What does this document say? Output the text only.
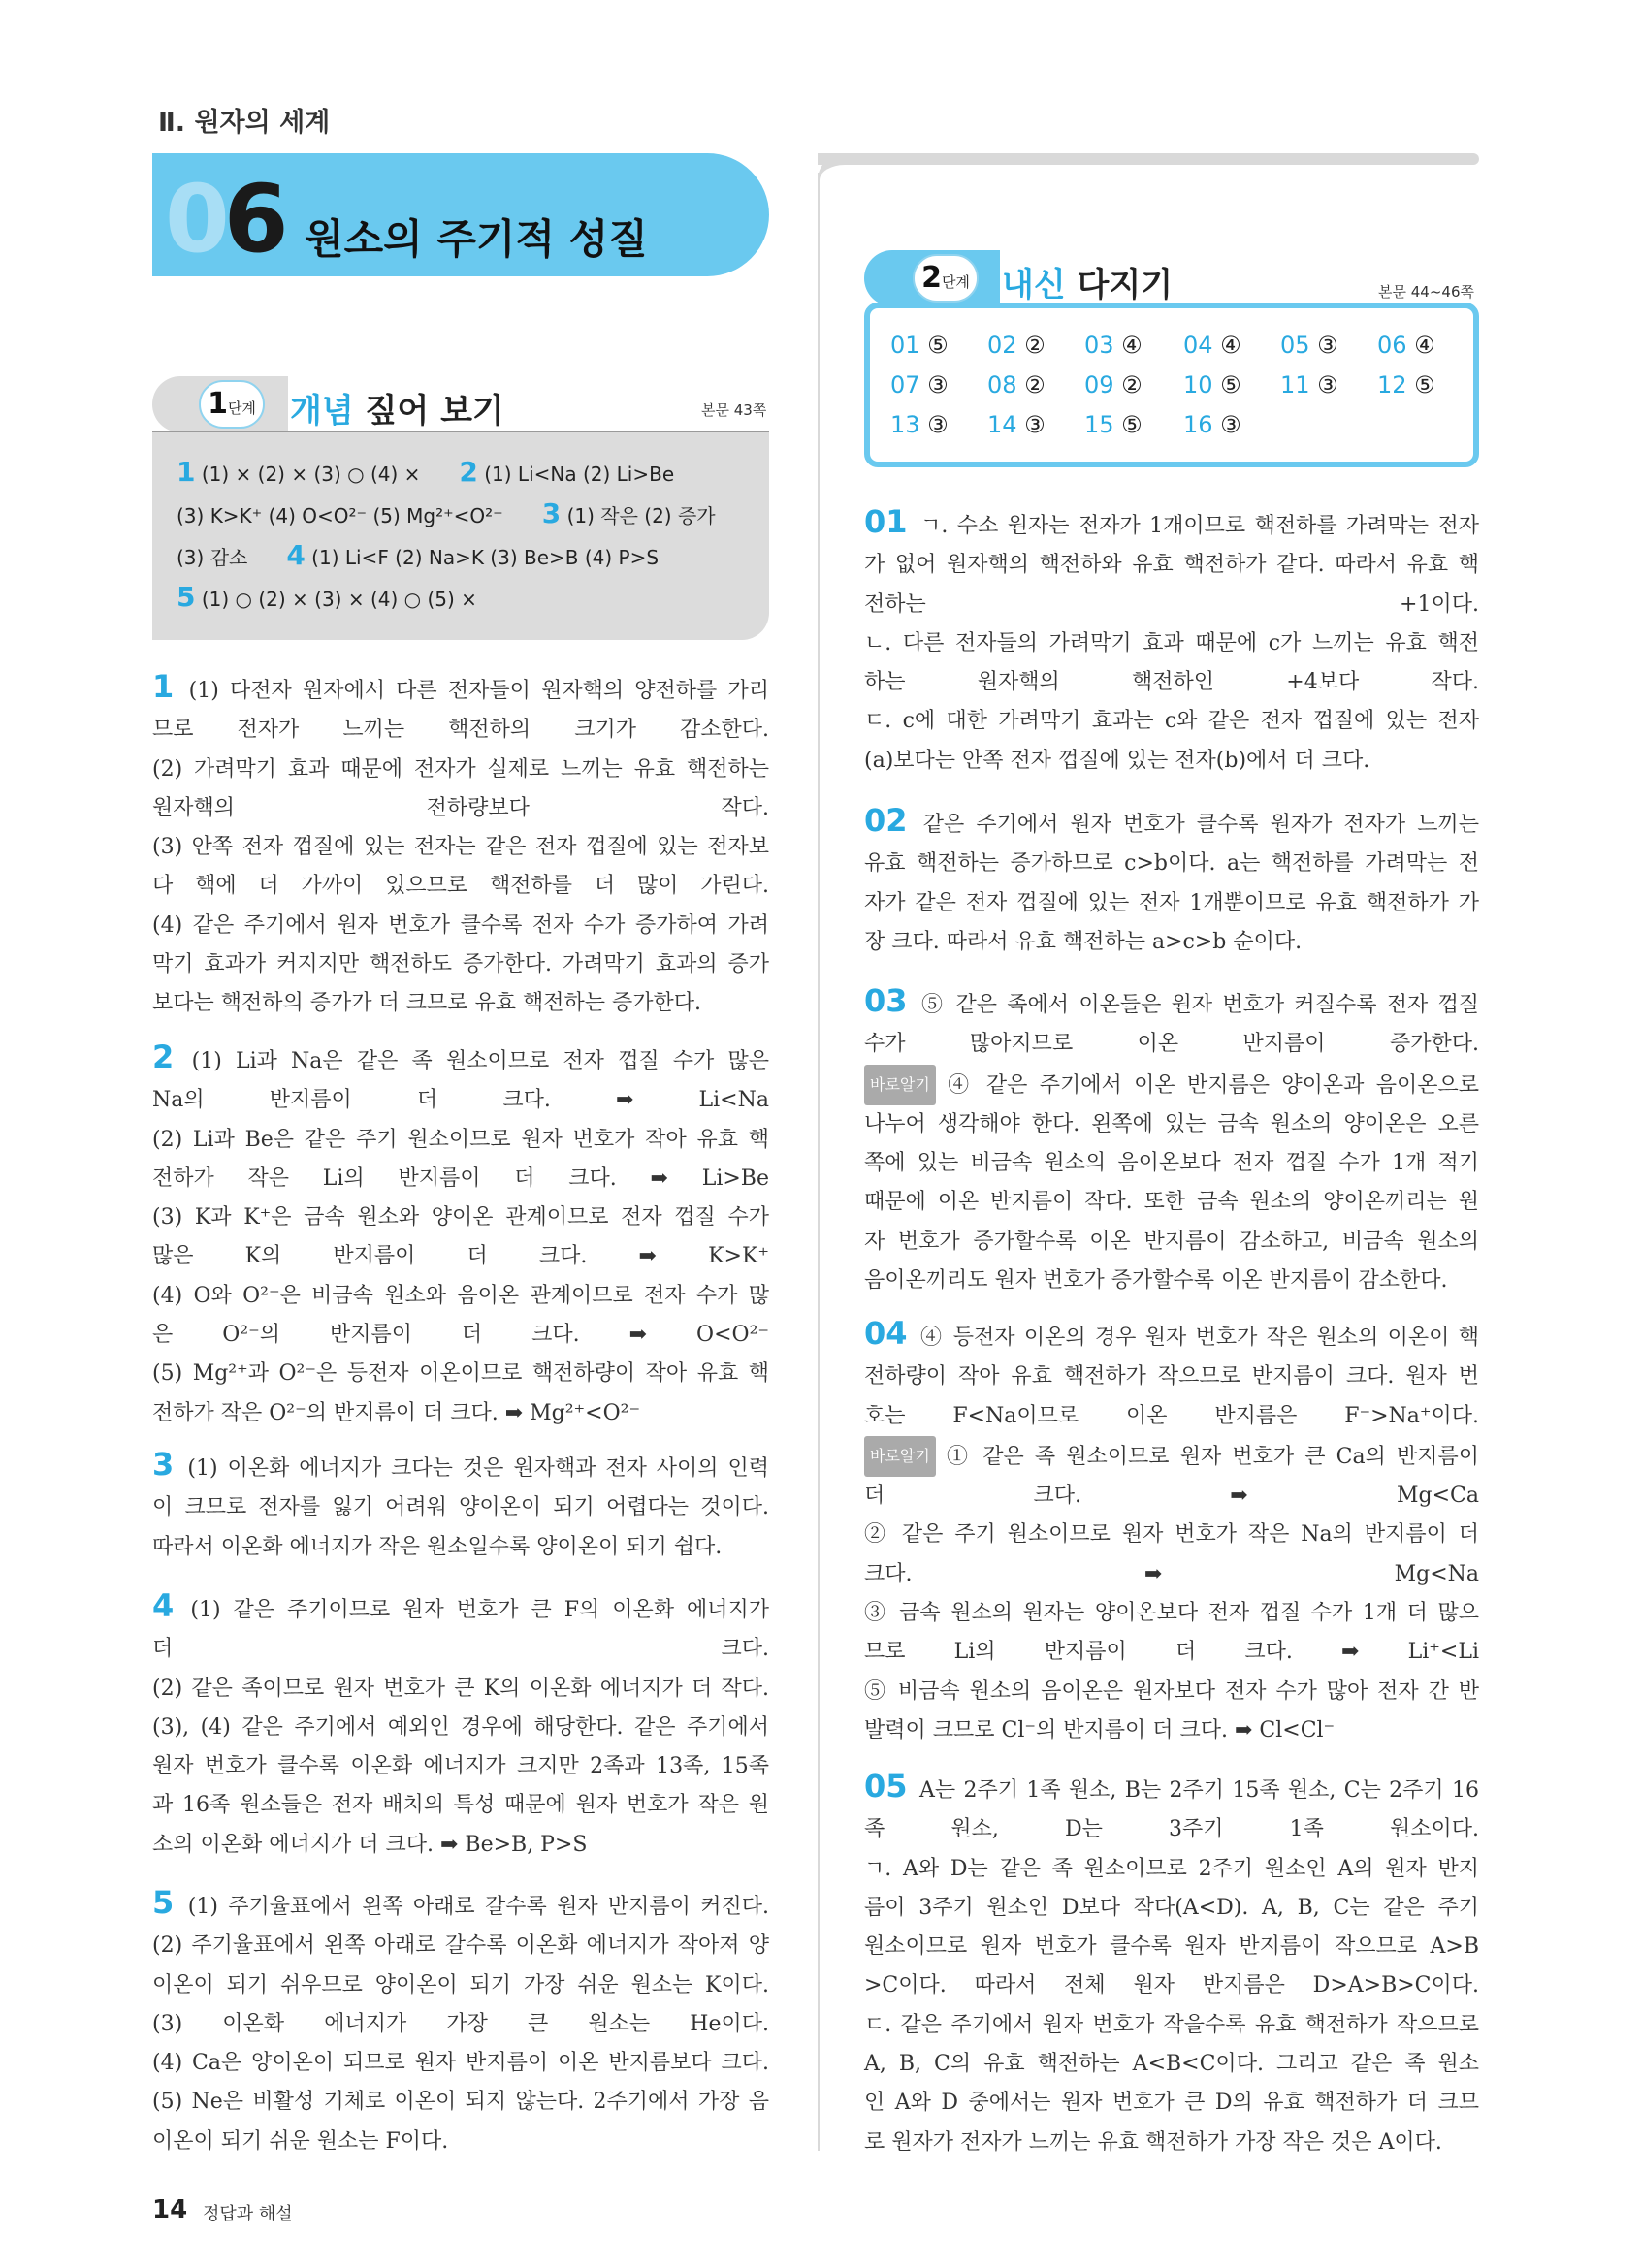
Ⅱ. 원자의 세계
06 원소의 주기적 성질
1단계 개념 짚어 보기	본문 43쪽
1 (1) × (2) × (3) ○ (4) × 2 (1) Li<Na (2) Li>Be
(3) K>K⁺ (4) O<O²⁻ (5) Mg²⁺<O²⁻ 3 (1) 작은 (2) 증가
(3) 감소 4 (1) Li<F (2) Na>K (3) Be>B (4) P>S
5 (1) ○ (2) × (3) × (4) ○ (5) ×
1 (1) 다전자 원자에서 다른 전자들이 원자핵의 양전하를 가리
므로 전자가 느끼는 핵전하의 크기가 감소한다.
(2) 가려막기 효과 때문에 전자가 실제로 느끼는 유효 핵전하는
원자핵의 전하량보다 작다.
(3) 안쪽 전자 껍질에 있는 전자는 같은 전자 껍질에 있는 전자보
다 핵에 더 가까이 있으므로 핵전하를 더 많이 가린다.
(4) 같은 주기에서 원자 번호가 클수록 전자 수가 증가하여 가려
막기 효과가 커지지만 핵전하도 증가한다. 가려막기 효과의 증가
보다는 핵전하의 증가가 더 크므로 유효 핵전하는 증가한다.
2 (1) Li과 Na은 같은 족 원소이므로 전자 껍질 수가 많은
Na의 반지름이 더 크다. ➡ Li<Na
(2) Li과 Be은 같은 주기 원소이므로 원자 번호가 작아 유효 핵
전하가 작은 Li의 반지름이 더 크다. ➡ Li>Be
(3) K과 K⁺은 금속 원소와 양이온 관계이므로 전자 껍질 수가
많은 K의 반지름이 더 크다. ➡ K>K⁺
(4) O와 O²⁻은 비금속 원소와 음이온 관계이므로 전자 수가 많
은 O²⁻의 반지름이 더 크다. ➡ O<O²⁻
(5) Mg²⁺과 O²⁻은 등전자 이온이므로 핵전하량이 작아 유효 핵
전하가 작은 O²⁻의 반지름이 더 크다. ➡ Mg²⁺<O²⁻
3 (1) 이온화 에너지가 크다는 것은 원자핵과 전자 사이의 인력
이 크므로 전자를 잃기 어려워 양이온이 되기 어렵다는 것이다.
따라서 이온화 에너지가 작은 원소일수록 양이온이 되기 쉽다.
4 (1) 같은 주기이므로 원자 번호가 큰 F의 이온화 에너지가
더 크다.
(2) 같은 족이므로 원자 번호가 큰 K의 이온화 에너지가 더 작다.
(3), (4) 같은 주기에서 예외인 경우에 해당한다. 같은 주기에서
원자 번호가 클수록 이온화 에너지가 크지만 2족과 13족, 15족
과 16족 원소들은 전자 배치의 특성 때문에 원자 번호가 작은 원
소의 이온화 에너지가 더 크다. ➡ Be>B, P>S
5 (1) 주기율표에서 왼쪽 아래로 갈수록 원자 반지름이 커진다.
(2) 주기율표에서 왼쪽 아래로 갈수록 이온화 에너지가 작아져 양
이온이 되기 쉬우므로 양이온이 되기 가장 쉬운 원소는 K이다.
(3) 이온화 에너지가 가장 큰 원소는 He이다.
(4) Ca은 양이온이 되므로 원자 반지름이 이온 반지름보다 크다.
(5) Ne은 비활성 기체로 이온이 되지 않는다. 2주기에서 가장 음
이온이 되기 쉬운 원소는 F이다.
2단계 내신 다지기	본문 44~46쪽
01 ⑤ 02 ② 03 ④ 04 ④ 05 ③ 06 ④
07 ③ 08 ② 09 ② 10 ⑤ 11 ③ 12 ⑤
13 ③ 14 ③ 15 ⑤ 16 ③
01 ㄱ. 수소 원자는 전자가 1개이므로 핵전하를 가려막는 전자
가 없어 원자핵의 핵전하와 유효 핵전하가 같다. 따라서 유효 핵
전하는 +1이다.
ㄴ. 다른 전자들의 가려막기 효과 때문에 c가 느끼는 유효 핵전
하는 원자핵의 핵전하인 +4보다 작다.
ㄷ. c에 대한 가려막기 효과는 c와 같은 전자 껍질에 있는 전자
(a)보다는 안쪽 전자 껍질에 있는 전자(b)에서 더 크다.
02 같은 주기에서 원자 번호가 클수록 원자가 전자가 느끼는
유효 핵전하는 증가하므로 c>b이다. a는 핵전하를 가려막는 전
자가 같은 전자 껍질에 있는 전자 1개뿐이므로 유효 핵전하가 가
장 크다. 따라서 유효 핵전하는 a>c>b 순이다.
03 ⑤ 같은 족에서 이온들은 원자 번호가 커질수록 전자 껍질
수가 많아지므로 이온 반지름이 증가한다.
바로알기 ④ 같은 주기에서 이온 반지름은 양이온과 음이온으로
나누어 생각해야 한다. 왼쪽에 있는 금속 원소의 양이온은 오른
쪽에 있는 비금속 원소의 음이온보다 전자 껍질 수가 1개 적기
때문에 이온 반지름이 작다. 또한 금속 원소의 양이온끼리는 원
자 번호가 증가할수록 이온 반지름이 감소하고, 비금속 원소의
음이온끼리도 원자 번호가 증가할수록 이온 반지름이 감소한다.
04 ④ 등전자 이온의 경우 원자 번호가 작은 원소의 이온이 핵
전하량이 작아 유효 핵전하가 작으므로 반지름이 크다. 원자 번
호는 F<Na이므로 이온 반지름은 F⁻>Na⁺이다.
바로알기 ① 같은 족 원소이므로 원자 번호가 큰 Ca의 반지름이
더 크다. ➡ Mg<Ca
② 같은 주기 원소이므로 원자 번호가 작은 Na의 반지름이 더
크다. ➡ Mg<Na
③ 금속 원소의 원자는 양이온보다 전자 껍질 수가 1개 더 많으
므로 Li의 반지름이 더 크다. ➡ Li⁺<Li
⑤ 비금속 원소의 음이온은 원자보다 전자 수가 많아 전자 간 반
발력이 크므로 Cl⁻의 반지름이 더 크다. ➡ Cl<Cl⁻
05 A는 2주기 1족 원소, B는 2주기 15족 원소, C는 2주기 16
족 원소, D는 3주기 1족 원소이다.
ㄱ. A와 D는 같은 족 원소이므로 2주기 원소인 A의 원자 반지
름이 3주기 원소인 D보다 작다(A<D). A, B, C는 같은 주기
원소이므로 원자 번호가 클수록 원자 반지름이 작으므로 A>B
>C이다. 따라서 전체 원자 반지름은 D>A>B>C이다.
ㄷ. 같은 주기에서 원자 번호가 작을수록 유효 핵전하가 작으므로
A, B, C의 유효 핵전하는 A<B<C이다. 그리고 같은 족 원소
인 A와 D 중에서는 원자 번호가 큰 D의 유효 핵전하가 더 크므
로 원자가 전자가 느끼는 유효 핵전하가 가장 작은 것은 A이다.
14 정답과 해설
